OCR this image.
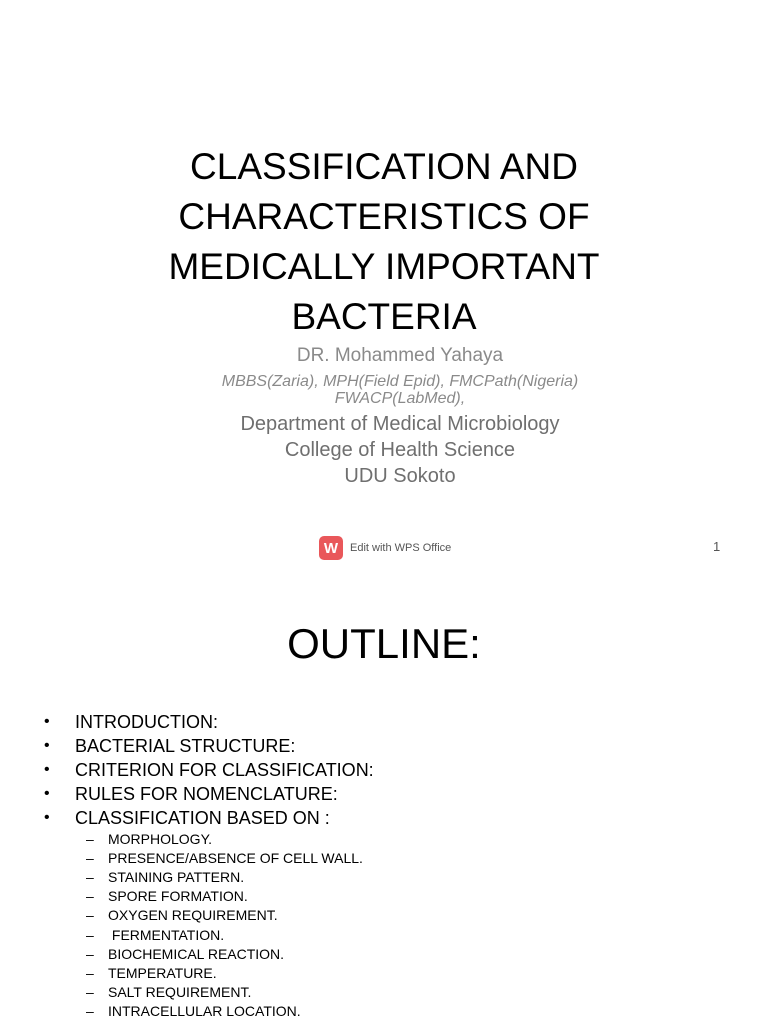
CLASSIFICATION AND
CHARACTERISTICS OF
MEDICALLY IMPORTANT
BACTERIA
DR. Mohammed Yahaya
MBBS(Zaria), MPH(Field Epid), FMCPath(Nigeria)
FWACP(LabMed),
Department of Medical Microbiology
College of Health Science
UDU Sokoto
W	Edit with WPS Office	1
OUTLINE:
•	INTRODUCTION:
•	BACTERIAL STRUCTURE:
•	CRITERION FOR CLASSIFICATION:
•	RULES FOR NOMENCLATURE:
•	CLASSIFICATION BASED ON :
–	MORPHOLOGY.
–	PRESENCE/ABSENCE OF CELL WALL.
–	STAINING PATTERN.
–	SPORE FORMATION.
–	OXYGEN REQUIREMENT.
–	FERMENTATION.
–	BIOCHEMICAL REACTION.
–	TEMPERATURE.
–	SALT REQUIREMENT.
–	INTRACELLULAR LOCATION.
